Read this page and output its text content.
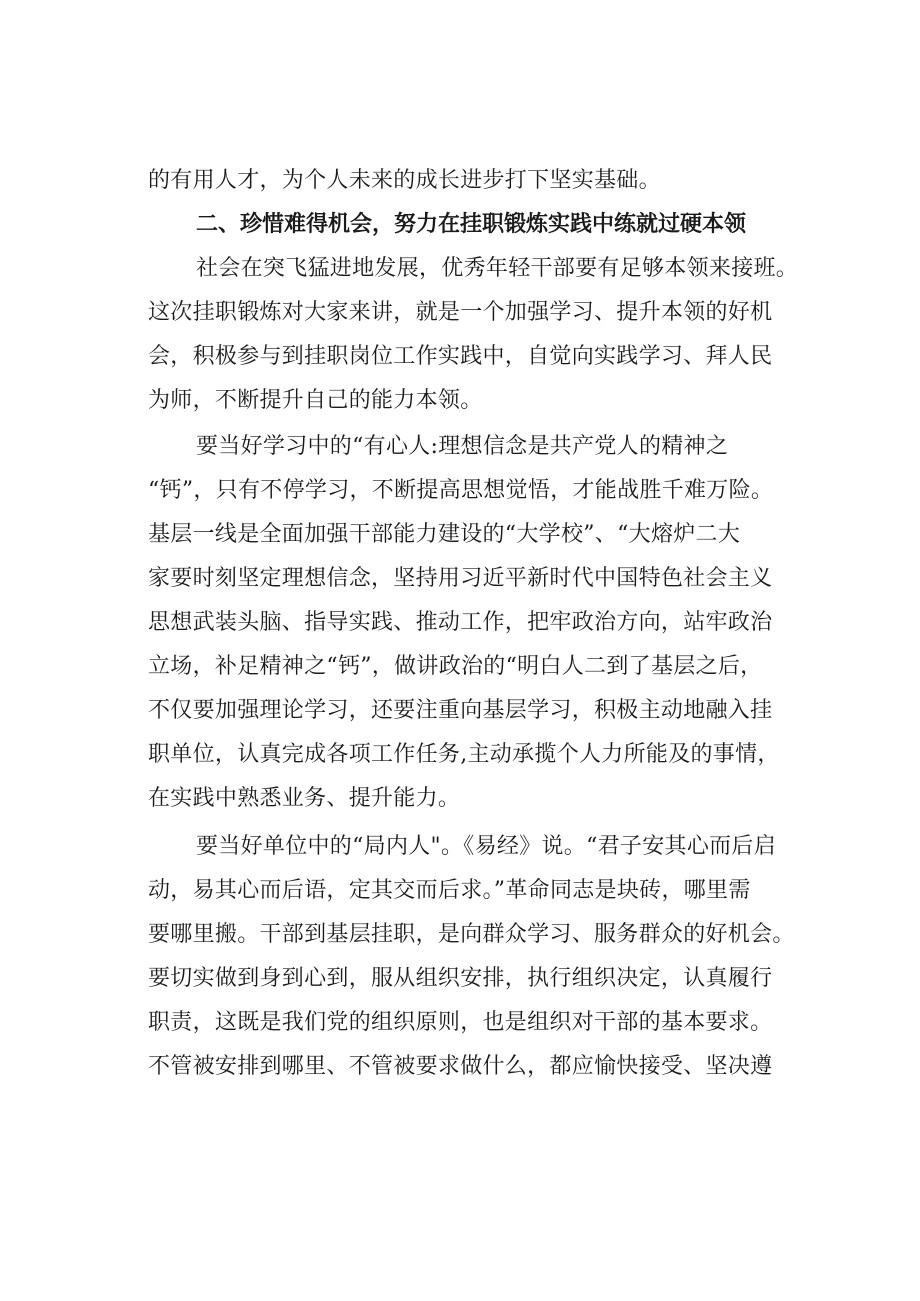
的有用人才，为个人未来的成长进步打下坚实基础。
二、珍惜难得机会，努力在挂职锻炼实践中练就过硬本领
社会在突飞猛进地发展，优秀年轻干部要有足够本领来接班。
这次挂职锻炼对大家来讲，就是一个加强学习、提升本领的好机
会，积极参与到挂职岗位工作实践中，自觉向实践学习、拜人民
为师，不断提升自己的能力本领。
要当好学习中的“有心人:理想信念是共产党人的精神之
“钙”，只有不停学习，不断提高思想觉悟，才能战胜千难万险。
基层一线是全面加强干部能力建设的“大学校”、“大熔炉二大
家要时刻坚定理想信念，坚持用习近平新时代中国特色社会主义
思想武装头脑、指导实践、推动工作，把牢政治方向，站牢政治
立场，补足精神之“钙”，做讲政治的“明白人二到了基层之后，
不仅要加强理论学习，还要注重向基层学习，积极主动地融入挂
职单位，认真完成各项工作任务,主动承揽个人力所能及的事情，
在实践中熟悉业务、提升能力。
要当好单位中的“局内人"。《易经》说。“君子安其心而后启
动，易其心而后语，定其交而后求。”革命同志是块砖，哪里需
要哪里搬。干部到基层挂职，是向群众学习、服务群众的好机会。
要切实做到身到心到，服从组织安排，执行组织决定，认真履行
职责，这既是我们党的组织原则，也是组织对干部的基本要求。
不管被安排到哪里、不管被要求做什么，都应愉快接受、坚决遵
